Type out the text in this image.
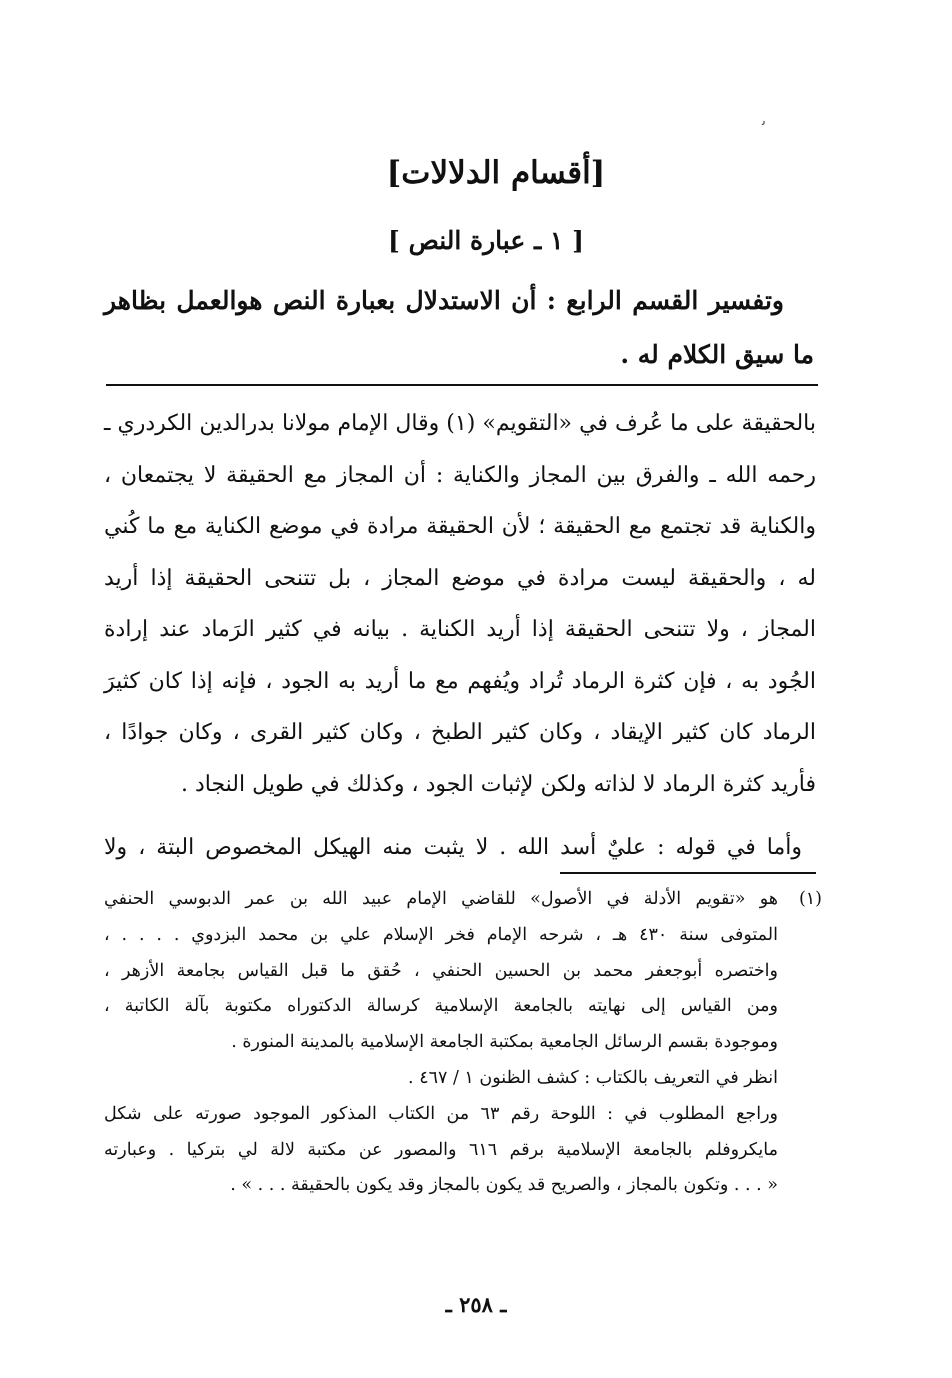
ﯨ
[أقسام الدلالات]
[ ١ ـ عبارة النص ]
وتفسير القسم الرابع : أن الاستدلال بعبارة النص هوالعمل بظاهر ما سيق الكلام له .

بالحقيقة على ما عُرف في «التقويم» (١) وقال الإمام مولانا بدرالدين الكردري ـ

رحمه الله ـ والفرق بين المجاز والكناية : أن المجاز مع الحقيقة لا يجتمعان ،

والكناية قد تجتمع مع الحقيقة ؛ لأن الحقيقة مرادة في موضع الكناية مع ما كُني

له ، والحقيقة ليست مرادة في موضع المجاز ، بل تتنحى الحقيقة إذا أريد

المجاز ، ولا تتنحى الحقيقة إذا أريد الكناية . بيانه في كثير الرَماد عند إرادة

الجُود به ، فإن كثرة الرماد تُراد ويُفهم مع ما أريد به الجود ، فإنه إذا كان كثيرَ

الرماد كان كثير الإيقاد ، وكان كثير الطبخ ، وكان كثير القرى ، وكان جوادًا ،

فأريد كثرة الرماد لا لذاته ولكن لإثبات الجود ، وكذلك في طويل النجاد .

وأما في قوله : عليٌ أسد الله . لا يثبت منه الهيكل المخصوص البتة ، ولا

(١)

هو «تقويم الأدلة في الأصول» للقاضي الإمام عبيد الله بن عمر الدبوسي الحنفي

المتوفى سنة ٤٣٠ هـ ، شرحه الإمام فخر الإسلام علي بن محمد البزدوي . . . . ،

واختصره أبوجعفر محمد بن الحسين الحنفي ، حُقق ما قبل القياس بجامعة الأزهر ،

ومن القياس إلى نهايته بالجامعة الإسلامية كرسالة الدكتوراه مكتوبة بآلة الكاتبة ،

وموجودة بقسم الرسائل الجامعية بمكتبة الجامعة الإسلامية بالمدينة المنورة .

انظر في التعريف بالكتاب : كشف الظنون ١ / ٤٦٧ .

وراجع المطلوب في : اللوحة رقم ٦٣ من الكتاب المذكور الموجود صورته على شكل

مايكروفلم بالجامعة الإسلامية برقم ٦١٦ والمصور عن مكتبة لالة لي بتركيا . وعبارته

« . . . وتكون بالمجاز ، والصريح قد يكون بالمجاز وقد يكون بالحقيقة . . . » .

ـ ٢٥٨ ـ
